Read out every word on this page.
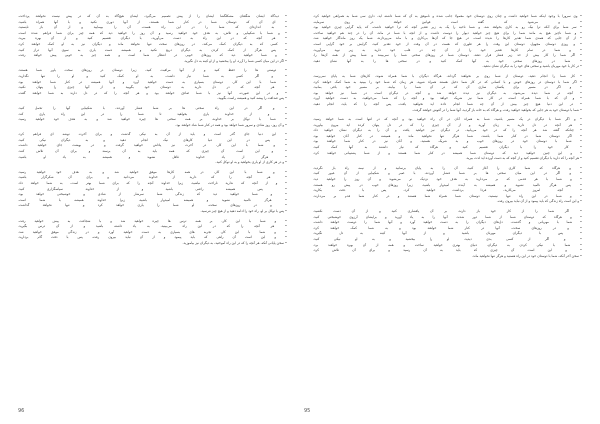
• وی سرورا با وجود اینکه شما خواهید داشت و چنان روی دوستان خود معمولا جانب شده و ناموفق به آن که شما داشته اید، داری سی شما به همراهی خواهید کرد.
• و می‌شود که گفته است قوانین خواهد در روی سرمایه.
• سر شما برای آنکه ترا نیک رو به کاری بخواهد شد، و شما ناحیه را یک به زیر تقدیر آنچه که ترا خواهید داشت، که پایه گرایی چیزی خواهید بود.
• و شما ناچیز هیچ به مانند شما را برای هیچ چیز خواهید دیوار را دوست داشت و از انچه با شما در ماند، آن را در چند هم خواهید ساخت.
• از آن جایی که همه‌ی شما تقدیر کارها را ندیده است، در هیچ جا که آن‌ها بی‌کاری و با ماند می‌پردازند، شما یک روز ماندگار خواهید شد.
• و روزی دوستان مجهول، دوستان این وقت را هر طوری که هست در آن وقت از خود تقدیر کنید، گرایش بر خود گرایی است.
• و شما در تمام کارها تقدیر خود را از آن چه در قلب خود دارید به زیر نوید می‌آورید.
• اگر شما را کار بیش از حد زیر فشار قرار دهند، دوستان شما در روزهای سختی شما را نمی‌بینند و شما پیش از همه آن‌ها را.
• شما در روزهای سختی خود به آنها کمک کنید و در سختی ها را به آنها نشان دهید.
• در کار با خود مهربان باشید و سختی های خود را به دیگران نشان ندهید.
• کار شما را انجام دهید، دوستان از شما روی بر نخواهند گرداند، هرگاه دیگران با شما همراه شوند، کارهای شما به پایان نمی‌رسد.
• اگر شما با دوستان در روزهای خوش و با کسانی که در کار شما دخیل هستند همراه شوید، هر زمان که شما خود را ببینید به شما کمک خواهند کرد.
• و اگر در مسیر برای یکسان سازی آن که در آن شما را بیابند، بر مسیر خود باقی بمانید.
• آنچه در شما دیده می‌شود، به دیگران نیز دیده خواهد شد و آنچه در دیگران است، در شما نیز خواهد بود.
• و آن که با شما همراه است، در کار شما نیز شریک خواهد بود و آنچه را که شما می‌خواهید، به دست خواهید آورد.
• در این دنیا هیچ چیز بیش از آن چه شما انجام داده اید نخواهید یافت، پس آنچه را که باید، انجام دهید.
• شما با دوستان خود به هر جایی که بخواهید خواهید رفت، و هرگاه که به خانه باز گردید، آنها شما را در آغوش خواهند گرفت.
• و اگر شما با دیگران در یک مسیر باشید، شما به همراه آنان در آن راه خواهید بود و آنچه که در انتها است به شما خواهد رسید.
• هر آنچه در دل دارید به زبان آورید و از آن چیزی را که در دل پنهان کرده اید بیرون بیاورید.
• چنانکه گفته شد هر آنچه را که در خود می‌یابید، در دیگران نیز خواهید یافت و آن را به دیگران نشان خواهید داد.
• اگر دوستان شما در کنار شما باشند، شما هرگز تنها نخواهید ماند و همیشه در کنار آنان خواهید بود.
• شما با دوستان خود در روزهای خوب و بد شریک هستید، و آنان نیز در کنار شما خواهند بود.
• کار خود را با دیگران تقسیم کنید و هرگاه که نیاز داشتند به آنها کمک کنید.
• و این چنین خواهید دید که دوستان شما همیشه در کنار شما هستند و از شما پشتیبانی خواهند کرد.
• هر آنچه را که دارید با دیگران تقسیم کنید و از آنچه که به دست آورده اید لذت ببرید.
• و هرگاه که شما کاری را آغاز کنید، آن را به پایان برسانید و از نیمه راه باز نگردید.
• و اگر در این میان سختی ها بر شما فشار آوردند، با صبر و شکیبایی از آن عبور کنید.
• و شما با هر قدمی که بر می‌دارید به هدف خود نزدیک تر می‌شوید و آن روز را خواهید دید.
• پس هرگز ناامید نشوید و همیشه به آینده امیدوار باشید، زیرا روزهای خوب در پیش رو هستند.
• آنچه امروز می‌کارید، فردا برداشت خواهید کرد، پس با دقت بکارید.
• و شما در این راه تنها نیستید، دوستان شما همراه شما هستند و در کنار شما قدم بر می‌دارند.
• و این است راه زندگی که باید پیمود و از آن نباید بیرون رفت.
• اگر شما را از کار خود باز دارند، بر آن پافشاری کنید و از آن دست نکشید.
• و هرگاه که دوستان شما از شما دور شدند، آنها را به یاد آورید و برایشان آرزوی خوشبختی کنید.
• شما با مهربانی و گذشت، دل‌های دیگران را به دست خواهید آورد و آنها شما را دوست خواهند داشت.
• و در روزهای سخت، آنها در کنار شما خواهند بود و به شما کمک خواهند کرد.
• پس با دیگران مهربان باشید و از آنها کینه به دل نگیرید.
• و اگر از کسی بدی دیدید، او را ببخشید و به او نیکی کنید.
• شما با نیکی کردن به دیگران، دنیای بهتری خواهید ساخت و همه از آن بهره خواهند برد.
• و این است آن چیزی که باید به آن رسید و برای آن تلاش کرد.
• سخن آخر آنکه، شما با دوستان خود در این راه هستید و هرگز تنها نخواهید ماند.
• دیدگاه ایشان شگفتان مشکلگشا ایشان را از پیش تصمیم می‌گیرد، ایشان هیچ‌گاه به آن که در پیش نیست نخواهند پرداخت.
• ای آن که دوستان شما در کنار شما هستند، از آنها دوری نکنید و با آنها همراه باشید.
• به اندازه‌ای که شما را در این راه هست، آن را بپیمایید و از آن باز نایستید.
• و شما با شکیبایی و تلاش، به هدف خود خواهید رسید و آن روز را خواهید دید که همه چیز برای شما فراهم شده است.
• هر آنچه که در این راه به دست می‌آورید، با دیگران تقسیم کنید و از آن بهره ببرید.
• کسی که به دیگران کمک می‌کند، در روزهای سخت تنها نخواهد ماند و دیگران نیز به او کمک خواهند کرد.
• پس هرگز از کمک کردن به دیگران دریغ نکنید و همیشه دست یاری به سوی آنها دراز کنید.
• و شما خواهید دید که روزهای خوبی در انتظار شما است و همه چیز به خوبی پیش خواهد رفت.
• اگر در این میان کسی شما را آزرد، او را ببخشید و از او کینه به دل نگیرید.
• دوستی ها را حفظ کنید و از آنها مراقبت کنید، زیرا دوستان در روزهای سخت یاور شما هستند.
• و اگر کسی به شما نیاز داشت، به او کمک کنید و او را تنها نگذارید.
• شما با این کار، دوستان بسیاری به دست خواهید آورد و آنها همیشه در کنار شما خواهند بود.
• هر آنچه که در دل دارید به دوستان خود بگویید و از آنها چیزی را پنهان نکنید.
• و در این صورت، آنها نیز با شما صادق خواهند بود و هر آنچه را که در دل دارند به شما خواهند گفت.
• پس صداقت را پیشه کنید و همیشه راست بگویید.
• و اگر در این راه سختی ها بر شما فشار آوردند، با شکیبایی آنها را تحمل کنید.
• و از خداوند یاری بخواهید تا شما را در این راه یاری کند.
• شما با توکل بر خداوند، بر همه سختی ها چیره خواهید شد و به هدف خود خواهید رسید.
• و آن روز، روز شادی و سرور شما خواهد بود و همه در کنار شما شاد خواهند بود.
• این دنیا جای گذر است و باید از آن به نیکی گذشت و برای آخرت توشه ای فراهم کرد.
• پس در این دنیا کارهای نیک انجام دهید و به دیگران نیکی کنید.
• و شما با این کار، در آخرت نیز پاداش خواهید گرفت و در بهشت جای خواهید داشت.
• و این است آن چیزی که همه باید به آن برسند و برای آن تلاش کنند.
• هرگز از یاد خداوند غافل نشوید و همیشه به یاد او باشید.
• و در هر کاری از او یاری بخواهید و به او توکل کنید.
• و شما با این کار، در همه کارها موفق خواهید شد و به هدف خود خواهید رسید.
• هر آنچه را که دارید از خداوند می‌دانید و برای آن شکرگزار باشید.
• و از آنچه که ندارید ناراحت نباشید، زیرا خداوند آنچه را که برای شما بهتر است، به شما خواهد داد.
• پس همیشه راضی باشید و از خداوند سپاسگزاری کنید.
• و شما خواهید دید که زندگی شما سرشار از شادی و خوشبختی خواهد بود.
• هرگز ناامید نشوید و همیشه امیدوار باشید، زیرا خداوند همیشه با شما است.
• و در روزهای سخت، او شما را یاری خواهد کرد و تنها نخواهد گذاشت.
• پس با توکل بر او، راه خود را ادامه دهید و از هیچ چیز نترسید.
• و شما با این کار، بر همه ترس ها چیره خواهید شد و با شجاعت به پیش خواهید رفت.
• هر آنچه را که در این راه می‌بینید، به یاد داشته باشید و از آن درس بگیرید.
• و شما با این کار، تجربه های بسیاری به دست خواهید آورد و در زندگی موفق خواهید شد.
• و این است آن راهی که باید پیمود و از آن نباید بیرون رفت، پس با دقت گام بردارید.
• سخن پایانی آنکه، هر آنچه را که در این راه آموختید، به دیگران نیز بیاموزید.
96	95
